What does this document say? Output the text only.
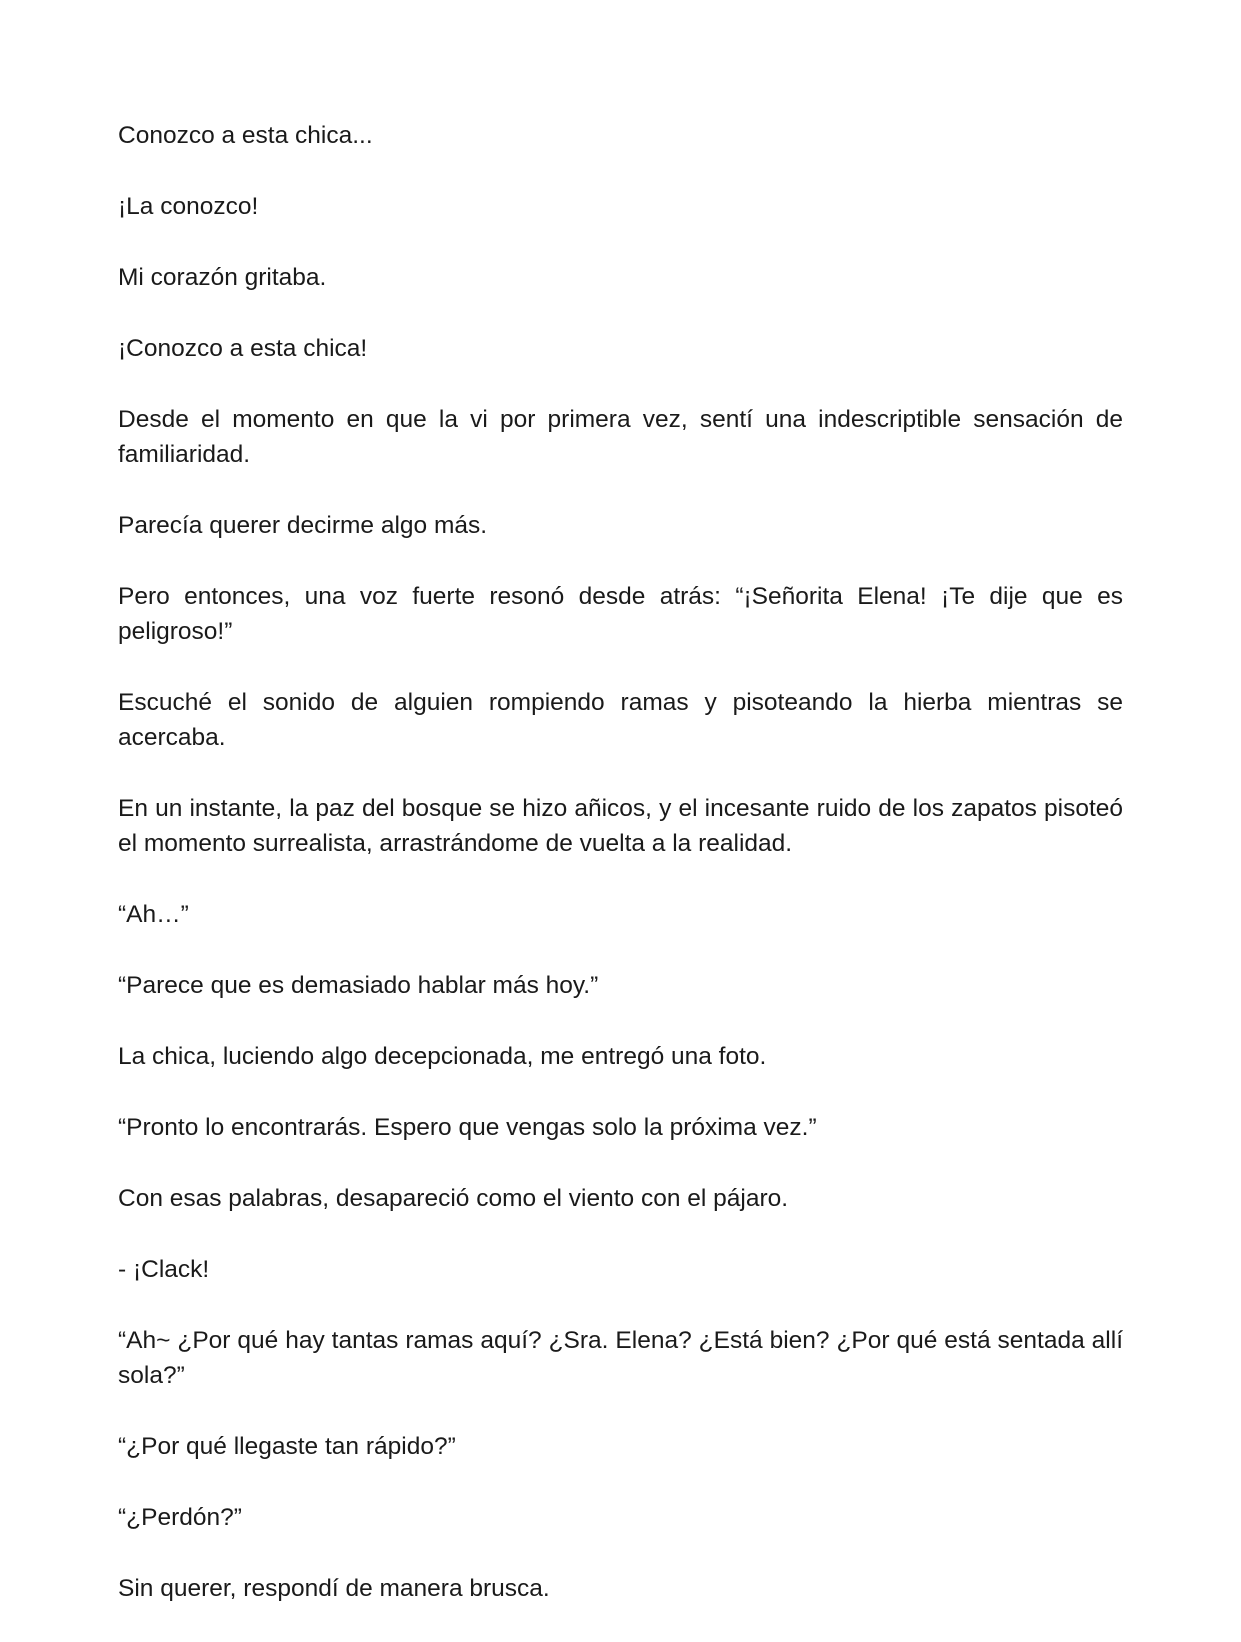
Conozco a esta chica...

¡La conozco!

Mi corazón gritaba.

¡Conozco a esta chica!

Desde el momento en que la vi por primera vez, sentí una indescriptible sensación de familiaridad.

Parecía querer decirme algo más.

Pero entonces, una voz fuerte resonó desde atrás: “¡Señorita Elena! ¡Te dije que es peligroso!”

Escuché el sonido de alguien rompiendo ramas y pisoteando la hierba mientras se acercaba.

En un instante, la paz del bosque se hizo añicos, y el incesante ruido de los zapatos pisoteó el momento surrealista, arrastrándome de vuelta a la realidad.

“Ah…”

“Parece que es demasiado hablar más hoy.”

La chica, luciendo algo decepcionada, me entregó una foto.

“Pronto lo encontrarás. Espero que vengas solo la próxima vez.”

Con esas palabras, desapareció como el viento con el pájaro.

- ¡Clack!

“Ah~ ¿Por qué hay tantas ramas aquí? ¿Sra. Elena? ¿Está bien? ¿Por qué está sentada allí sola?”

“¿Por qué llegaste tan rápido?”

“¿Perdón?”

Sin querer, respondí de manera brusca.
